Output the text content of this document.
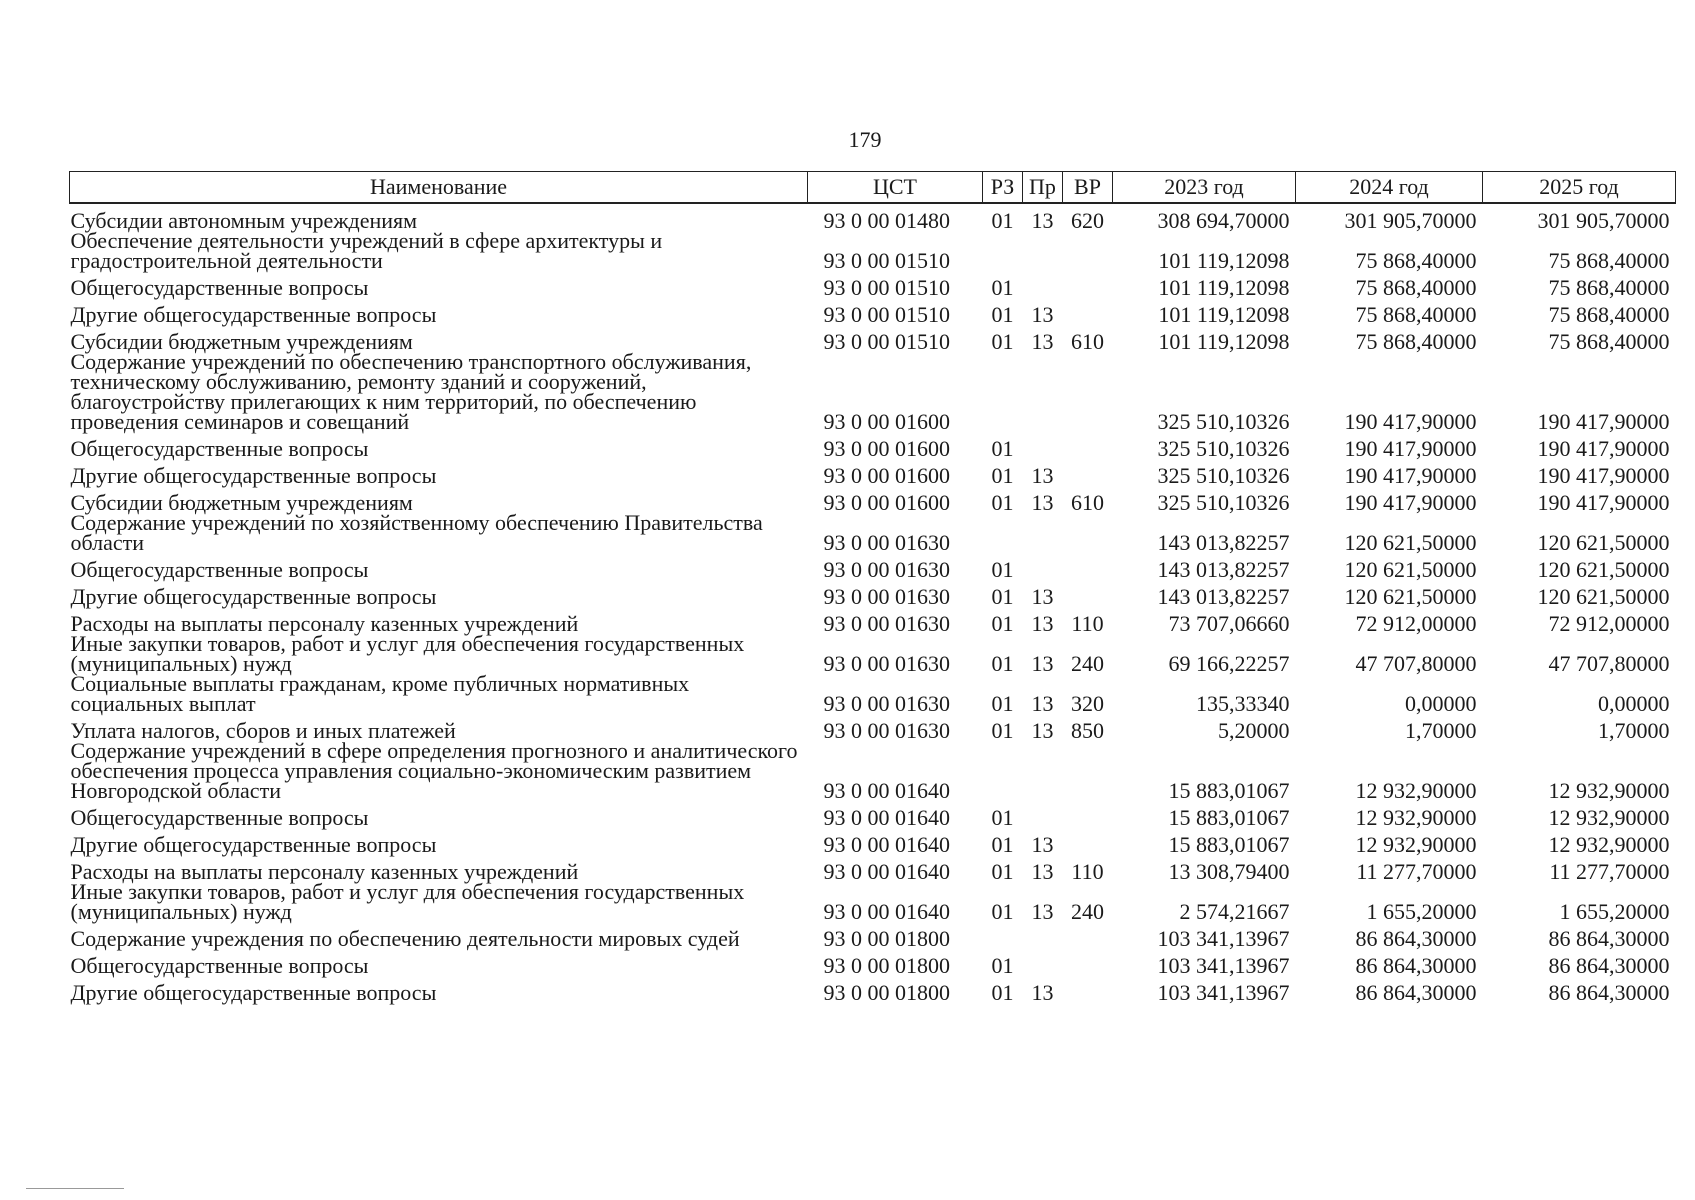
179
Наименование	ЦСТ	РЗ	Пр	ВР	2023 год	2024 год	2025 год
Субсидии автономным учреждениям	93 0 00 01480	01	13	620	308 694,70000	301 905,70000	301 905,70000
Обеспечение деятельности учреждений в сфере архитектуры и градостроительной деятельности	93 0 00 01510				101 119,12098	75 868,40000	75 868,40000
Общегосударственные вопросы	93 0 00 01510	01			101 119,12098	75 868,40000	75 868,40000
Другие общегосударственные вопросы	93 0 00 01510	01	13		101 119,12098	75 868,40000	75 868,40000
Субсидии бюджетным учреждениям	93 0 00 01510	01	13	610	101 119,12098	75 868,40000	75 868,40000
Содержание учреждений по обеспечению транспортного обслуживания, техническому обслуживанию, ремонту зданий и сооружений, благоустройству прилегающих к ним территорий, по обеспечению проведения семинаров и совещаний	93 0 00 01600				325 510,10326	190 417,90000	190 417,90000
Общегосударственные вопросы	93 0 00 01600	01			325 510,10326	190 417,90000	190 417,90000
Другие общегосударственные вопросы	93 0 00 01600	01	13		325 510,10326	190 417,90000	190 417,90000
Субсидии бюджетным учреждениям	93 0 00 01600	01	13	610	325 510,10326	190 417,90000	190 417,90000
Содержание учреждений по хозяйственному обеспечению Правительства области	93 0 00 01630				143 013,82257	120 621,50000	120 621,50000
Общегосударственные вопросы	93 0 00 01630	01			143 013,82257	120 621,50000	120 621,50000
Другие общегосударственные вопросы	93 0 00 01630	01	13		143 013,82257	120 621,50000	120 621,50000
Расходы на выплаты персоналу казенных учреждений	93 0 00 01630	01	13	110	73 707,06660	72 912,00000	72 912,00000
Иные закупки товаров, работ и услуг для обеспечения государственных (муниципальных) нужд	93 0 00 01630	01	13	240	69 166,22257	47 707,80000	47 707,80000
Социальные выплаты гражданам, кроме публичных нормативных социальных выплат	93 0 00 01630	01	13	320	135,33340	0,00000	0,00000
Уплата налогов, сборов и иных платежей	93 0 00 01630	01	13	850	5,20000	1,70000	1,70000
Содержание учреждений в сфере определения прогнозного и аналитического обеспечения процесса управления социально-экономическим развитием Новгородской области	93 0 00 01640				15 883,01067	12 932,90000	12 932,90000
Общегосударственные вопросы	93 0 00 01640	01			15 883,01067	12 932,90000	12 932,90000
Другие общегосударственные вопросы	93 0 00 01640	01	13		15 883,01067	12 932,90000	12 932,90000
Расходы на выплаты персоналу казенных учреждений	93 0 00 01640	01	13	110	13 308,79400	11 277,70000	11 277,70000
Иные закупки товаров, работ и услуг для обеспечения государственных (муниципальных) нужд	93 0 00 01640	01	13	240	2 574,21667	1 655,20000	1 655,20000
Содержание учреждения по обеспечению деятельности мировых судей	93 0 00 01800				103 341,13967	86 864,30000	86 864,30000
Общегосударственные вопросы	93 0 00 01800	01			103 341,13967	86 864,30000	86 864,30000
Другие общегосударственные вопросы	93 0 00 01800	01	13		103 341,13967	86 864,30000	86 864,30000
